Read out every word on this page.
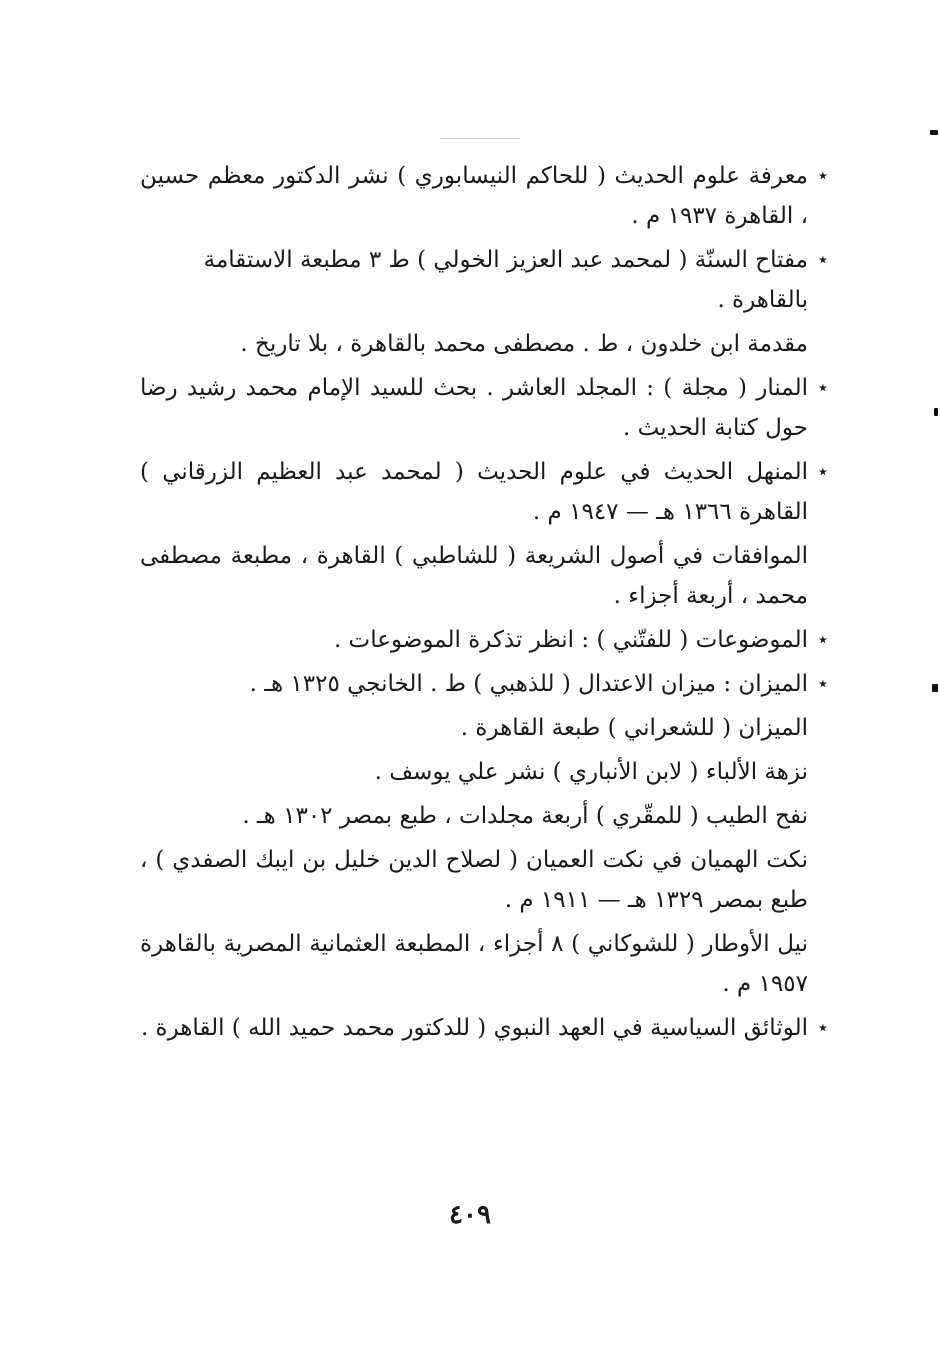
٭
معرفة علوم الحديث ( للحاكم النيسابوري ) نشر الدكتور معظم حسين ، القاهرة ١٩٣٧ م .
٭
مفتاح السنّة ( لمحمد عبد العزيز الخولي ) ط ٣ مطبعة الاستقامة بالقاهرة .
مقدمة ابن خلدون ، ط . مصطفى محمد بالقاهرة ، بلا تاريخ .
٭
المنار ( مجلة ) : المجلد العاشر . بحث للسيد الإمام محمد رشيد رضا حول كتابة الحديث .
٭
المنهل الحديث في علوم الحديث ( لمحمد عبد العظيم الزرقاني ) القاهرة ١٣٦٦ هـ — ١٩٤٧ م .
الموافقات في أصول الشريعة ( للشاطبي ) القاهرة ، مطبعة مصطفى محمد ، أربعة أجزاء .
٭
الموضوعات ( للفتّني ) : انظر تذكرة الموضوعات .
٭
الميزان : ميزان الاعتدال ( للذهبي ) ط . الخانجي ١٣٢٥ هـ .
الميزان ( للشعراني ) طبعة القاهرة .
نزهة الألباء ( لابن الأنباري ) نشر علي يوسف .
نفح الطيب ( للمقّري ) أربعة مجلدات ، طبع بمصر ١٣٠٢ هـ .
نكت الهميان في نكت العميان ( لصلاح الدين خليل بن ايبك الصفدي ) ، طبع بمصر ١٣٢٩ هـ — ١٩١١ م .
نيل الأوطار ( للشوكاني ) ٨ أجزاء ، المطبعة العثمانية المصرية بالقاهرة ١٩٥٧ م .
٭
الوثائق السياسية في العهد النبوي ( للدكتور محمد حميد الله ) القاهرة .
٤٠٩
